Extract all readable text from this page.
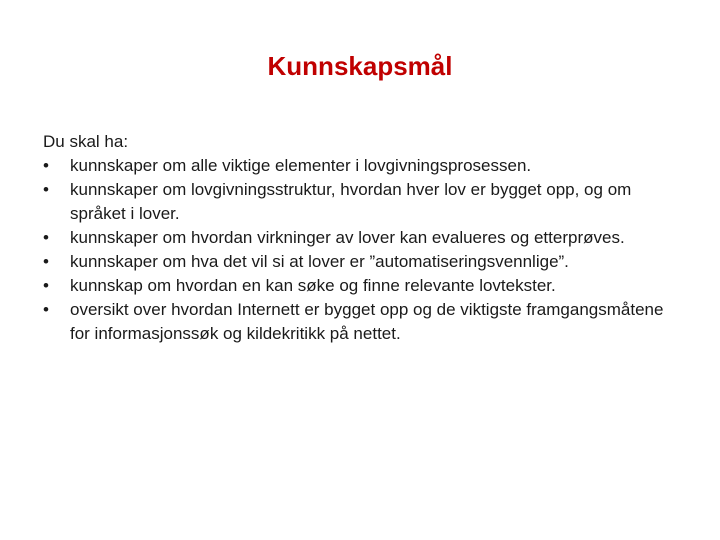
Kunnskapsmål
Du skal ha:
•	kunnskaper om alle viktige elementer i lovgivningsprosessen.
•	kunnskaper om lovgivningsstruktur, hvordan hver lov er bygget opp, og om språket i lover.
•	kunnskaper om hvordan virkninger av lover kan evalueres og etterprøves.
•	kunnskaper om hva det vil si at lover er ”automatiseringsvennlige”.
•	kunnskap om hvordan en kan søke og finne relevante lovtekster.
•	oversikt over hvordan Internett er bygget opp og de viktigste framgangsmåtene for informasjonssøk og kildekritikk på nettet.
